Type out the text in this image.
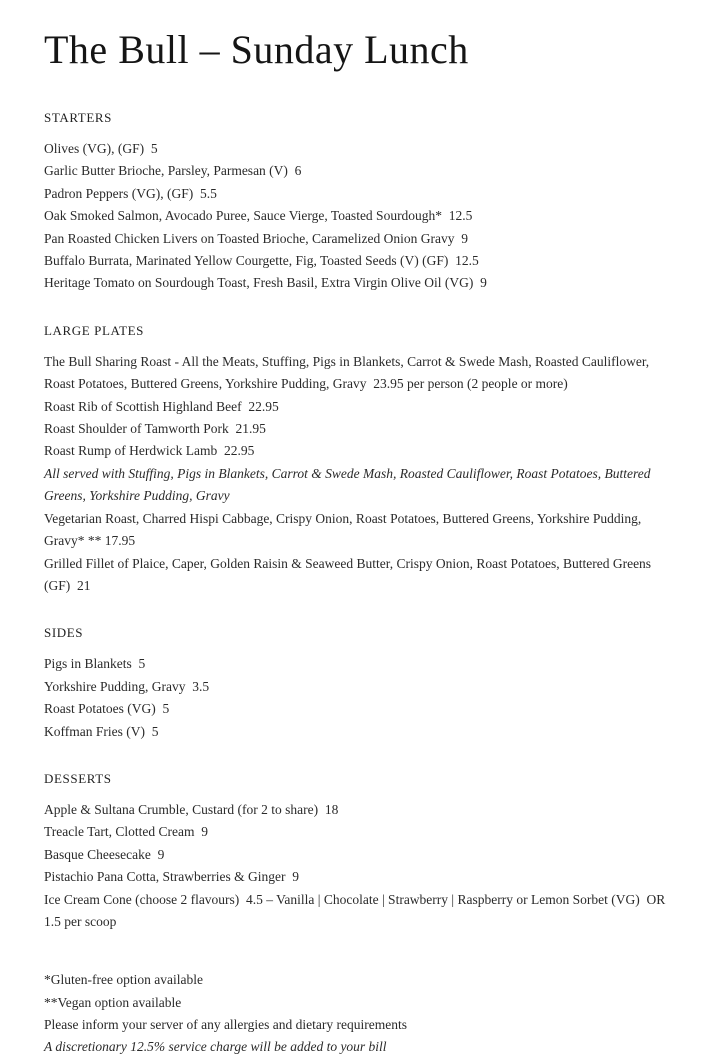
The Bull – Sunday Lunch
STARTERS

Olives (VG), (GF)  5

Garlic Butter Brioche, Parsley, Parmesan (V)  6

Padron Peppers (VG), (GF)  5.5

Oak Smoked Salmon, Avocado Puree, Sauce Vierge, Toasted Sourdough*  12.5

Pan Roasted Chicken Livers on Toasted Brioche, Caramelized Onion Gravy  9

Buffalo Burrata, Marinated Yellow Courgette, Fig, Toasted Seeds (V) (GF)  12.5

Heritage Tomato on Sourdough Toast, Fresh Basil, Extra Virgin Olive Oil (VG)  9

LARGE PLATES

The Bull Sharing Roast - All the Meats, Stuffing, Pigs in Blankets, Carrot & Swede Mash, Roasted Cauliflower, Roast Potatoes, Buttered Greens, Yorkshire Pudding, Gravy  23.95 per person (2 people or more)

Roast Rib of Scottish Highland Beef  22.95

Roast Shoulder of Tamworth Pork  21.95

Roast Rump of Herdwick Lamb  22.95

All served with Stuffing, Pigs in Blankets, Carrot & Swede Mash, Roasted Cauliflower, Roast Potatoes, Buttered Greens, Yorkshire Pudding, Gravy

Vegetarian Roast, Charred Hispi Cabbage, Crispy Onion, Roast Potatoes, Buttered Greens, Yorkshire Pudding, Gravy* ** 17.95

Grilled Fillet of Plaice, Caper, Golden Raisin & Seaweed Butter, Crispy Onion, Roast Potatoes, Buttered Greens (GF)  21

SIDES

Pigs in Blankets  5

Yorkshire Pudding, Gravy  3.5

Roast Potatoes (VG)  5

Koffman Fries (V)  5

DESSERTS

Apple & Sultana Crumble, Custard (for 2 to share)  18

Treacle Tart, Clotted Cream  9

Basque Cheesecake  9

Pistachio Pana Cotta, Strawberries & Ginger  9

Ice Cream Cone (choose 2 flavours)  4.5 – Vanilla | Chocolate | Strawberry | Raspberry or Lemon Sorbet (VG)  OR 1.5 per scoop

*Gluten-free option available

**Vegan option available

Please inform your server of any allergies and dietary requirements

A discretionary 12.5% service charge will be added to your bill
